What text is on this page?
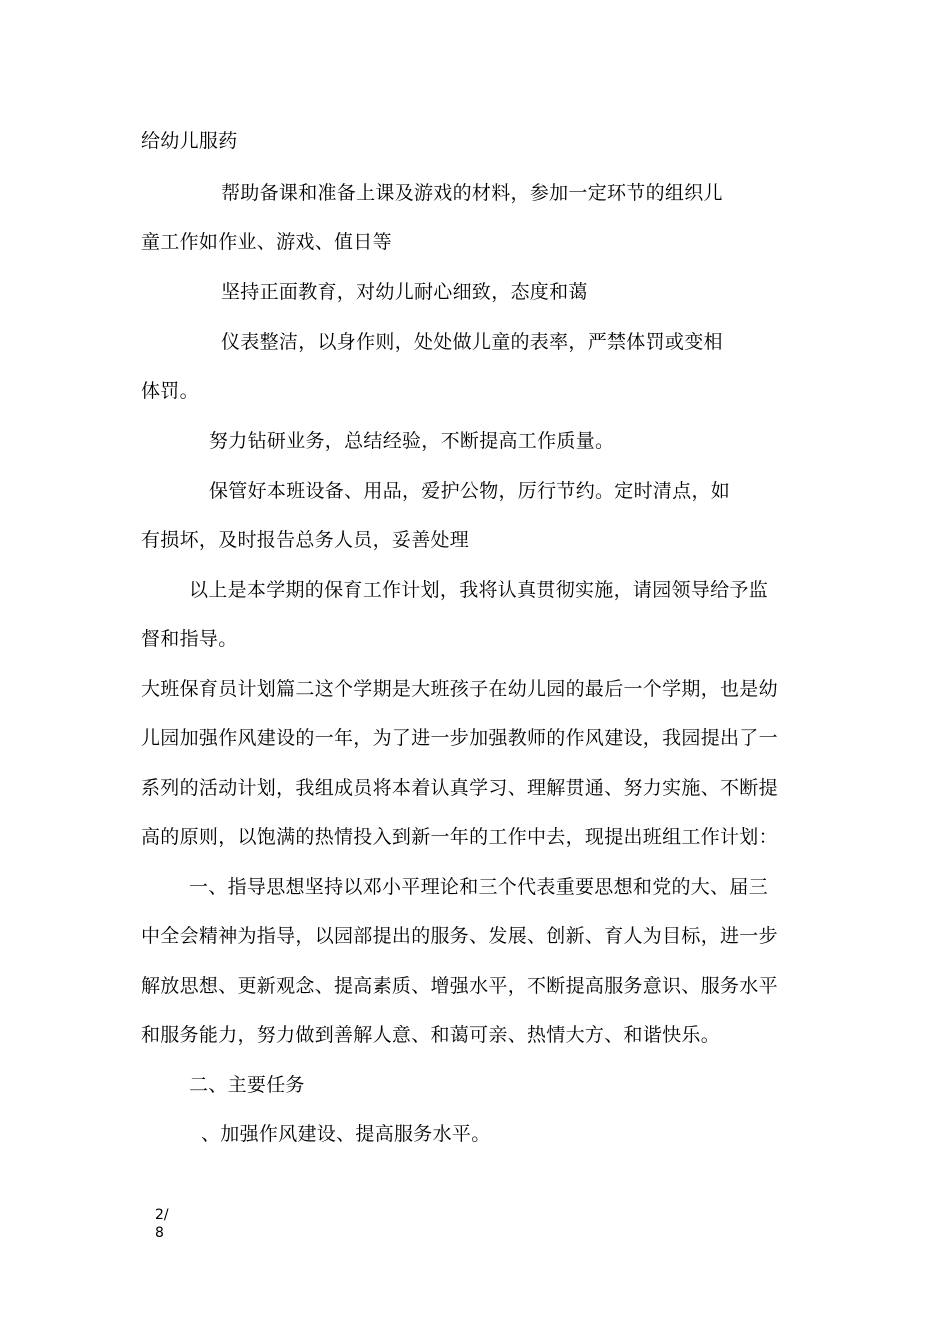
给幼儿服药
帮助备课和准备上课及游戏的材料，参加一定环节的组织儿
童工作如作业、游戏、值日等
坚持正面教育，对幼儿耐心细致，态度和蔼
仪表整洁，以身作则，处处做儿童的表率，严禁体罚或变相
体罚。
努力钻研业务，总结经验，不断提高工作质量。
保管好本班设备、用品，爱护公物，厉行节约。定时清点，如
有损坏，及时报告总务人员，妥善处理
以上是本学期的保育工作计划，我将认真贯彻实施，请园领导给予监
督和指导。
大班保育员计划篇二这个学期是大班孩子在幼儿园的最后一个学期，也是幼
儿园加强作风建设的一年，为了进一步加强教师的作风建设，我园提出了一
系列的活动计划，我组成员将本着认真学习、理解贯通、努力实施、不断提
高的原则，以饱满的热情投入到新一年的工作中去，现提出班组工作计划：
一、指导思想坚持以邓小平理论和三个代表重要思想和党的大、届三
中全会精神为指导，以园部提出的服务、发展、创新、育人为目标，进一步
解放思想、更新观念、提高素质、增强水平，不断提高服务意识、服务水平
和服务能力，努力做到善解人意、和蔼可亲、热情大方、和谐快乐。
二、主要任务
、加强作风建设、提高服务水平。
2/
8
